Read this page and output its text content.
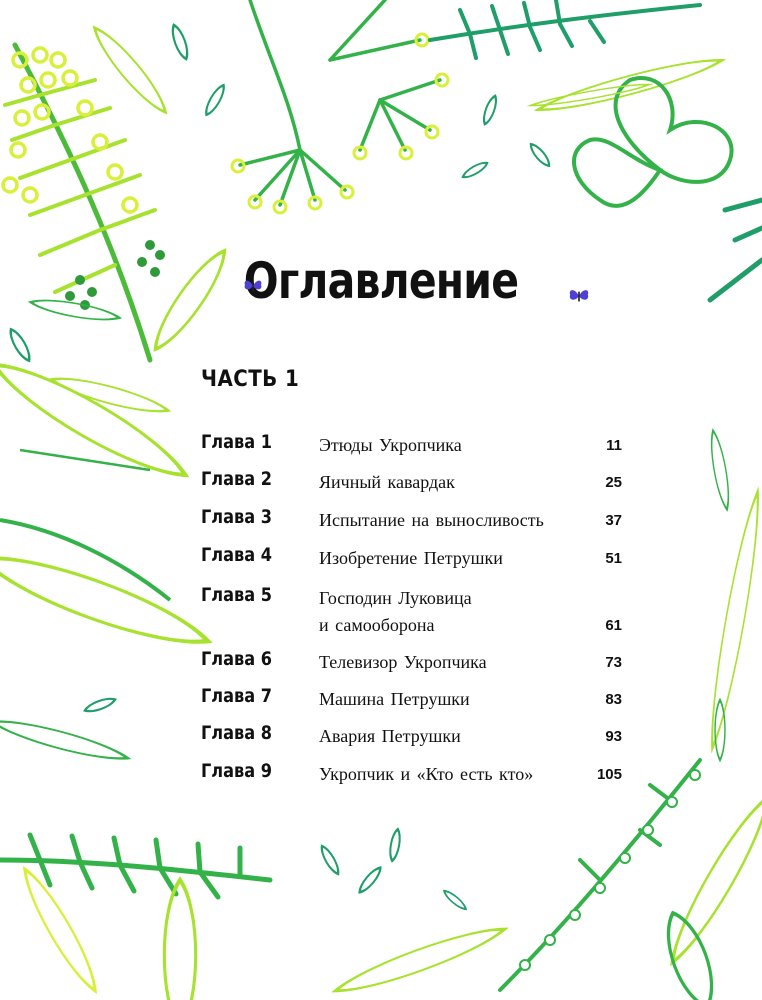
Оглавление
ЧАСТЬ 1
Глава 1	Этюды Укропчика	11
Глава 2	Яичный кавардак	25
Глава 3	Испытание на выносливость	37
Глава 4	Изобретение Петрушки	51
Глава 5	Господин Луковица
и самооборона	61
Глава 6	Телевизор Укропчика	73
Глава 7	Машина Петрушки	83
Глава 8	Авария Петрушки	93
Глава 9	Укропчик и «Кто есть кто»	105
